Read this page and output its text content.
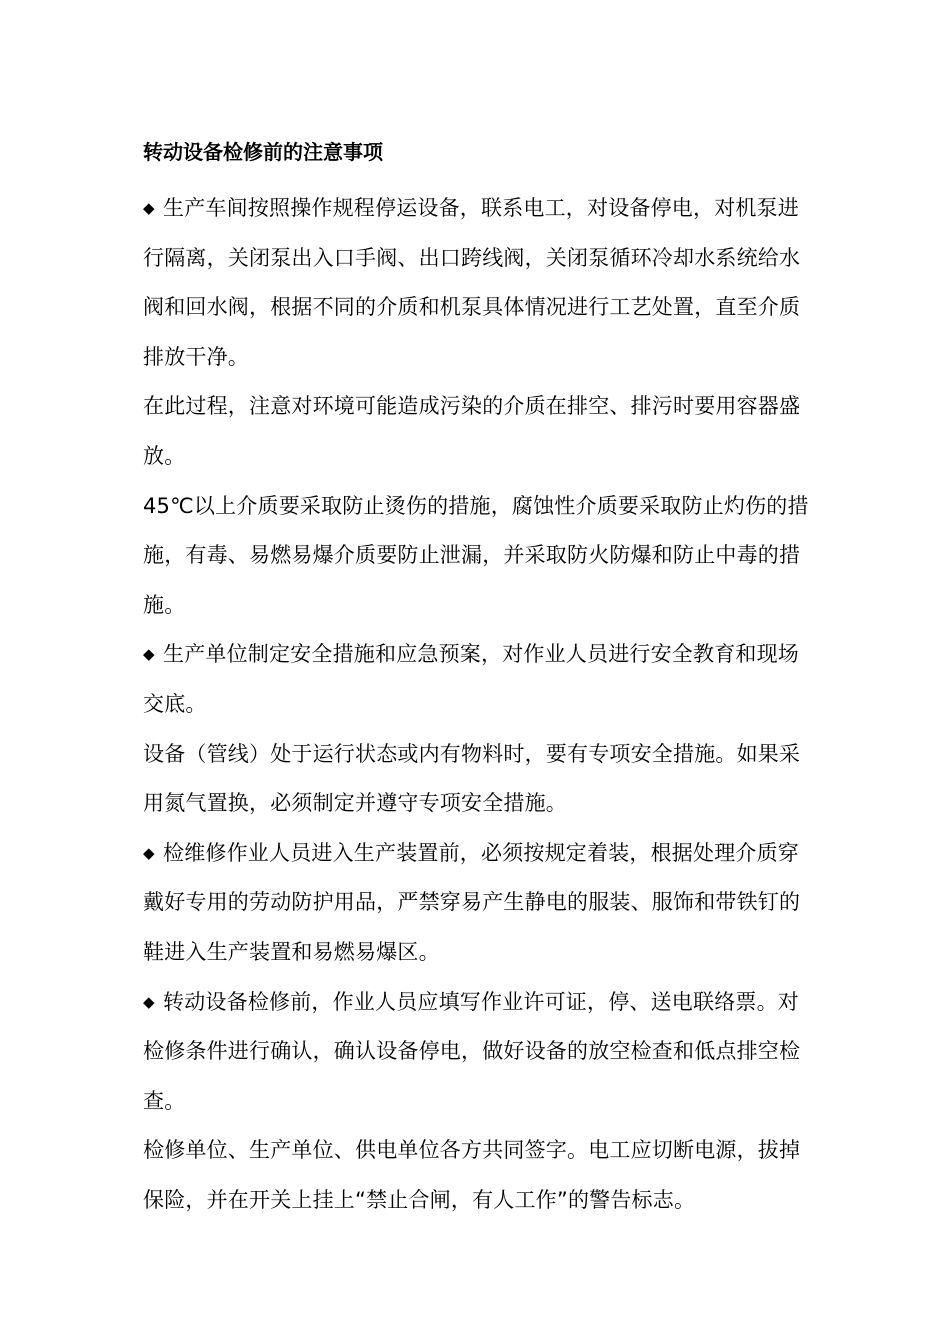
转动设备检修前的注意事项

◆ 生产车间按照操作规程停运设备，联系电工，对设备停电，对机泵进行隔离，关闭泵出入口手阀、出口跨线阀，关闭泵循环冷却水系统给水阀和回水阀，根据不同的介质和机泵具体情况进行工艺处置，直至介质排放干净。

在此过程，注意对环境可能造成污染的介质在排空、排污时要用容器盛放。

45℃以上介质要采取防止烫伤的措施，腐蚀性介质要采取防止灼伤的措施，有毒、易燃易爆介质要防止泄漏，并采取防火防爆和防止中毒的措施。

◆ 生产单位制定安全措施和应急预案，对作业人员进行安全教育和现场交底。

设备（管线）处于运行状态或内有物料时，要有专项安全措施。如果采用氮气置换，必须制定并遵守专项安全措施。

◆ 检维修作业人员进入生产装置前，必须按规定着装，根据处理介质穿戴好专用的劳动防护用品，严禁穿易产生静电的服装、服饰和带铁钉的鞋进入生产装置和易燃易爆区。

◆ 转动设备检修前，作业人员应填写作业许可证，停、送电联络票。对检修条件进行确认，确认设备停电，做好设备的放空检查和低点排空检查。

检修单位、生产单位、供电单位各方共同签字。电工应切断电源，拔掉保险，并在开关上挂上“禁止合闸，有人工作”的警告标志。
